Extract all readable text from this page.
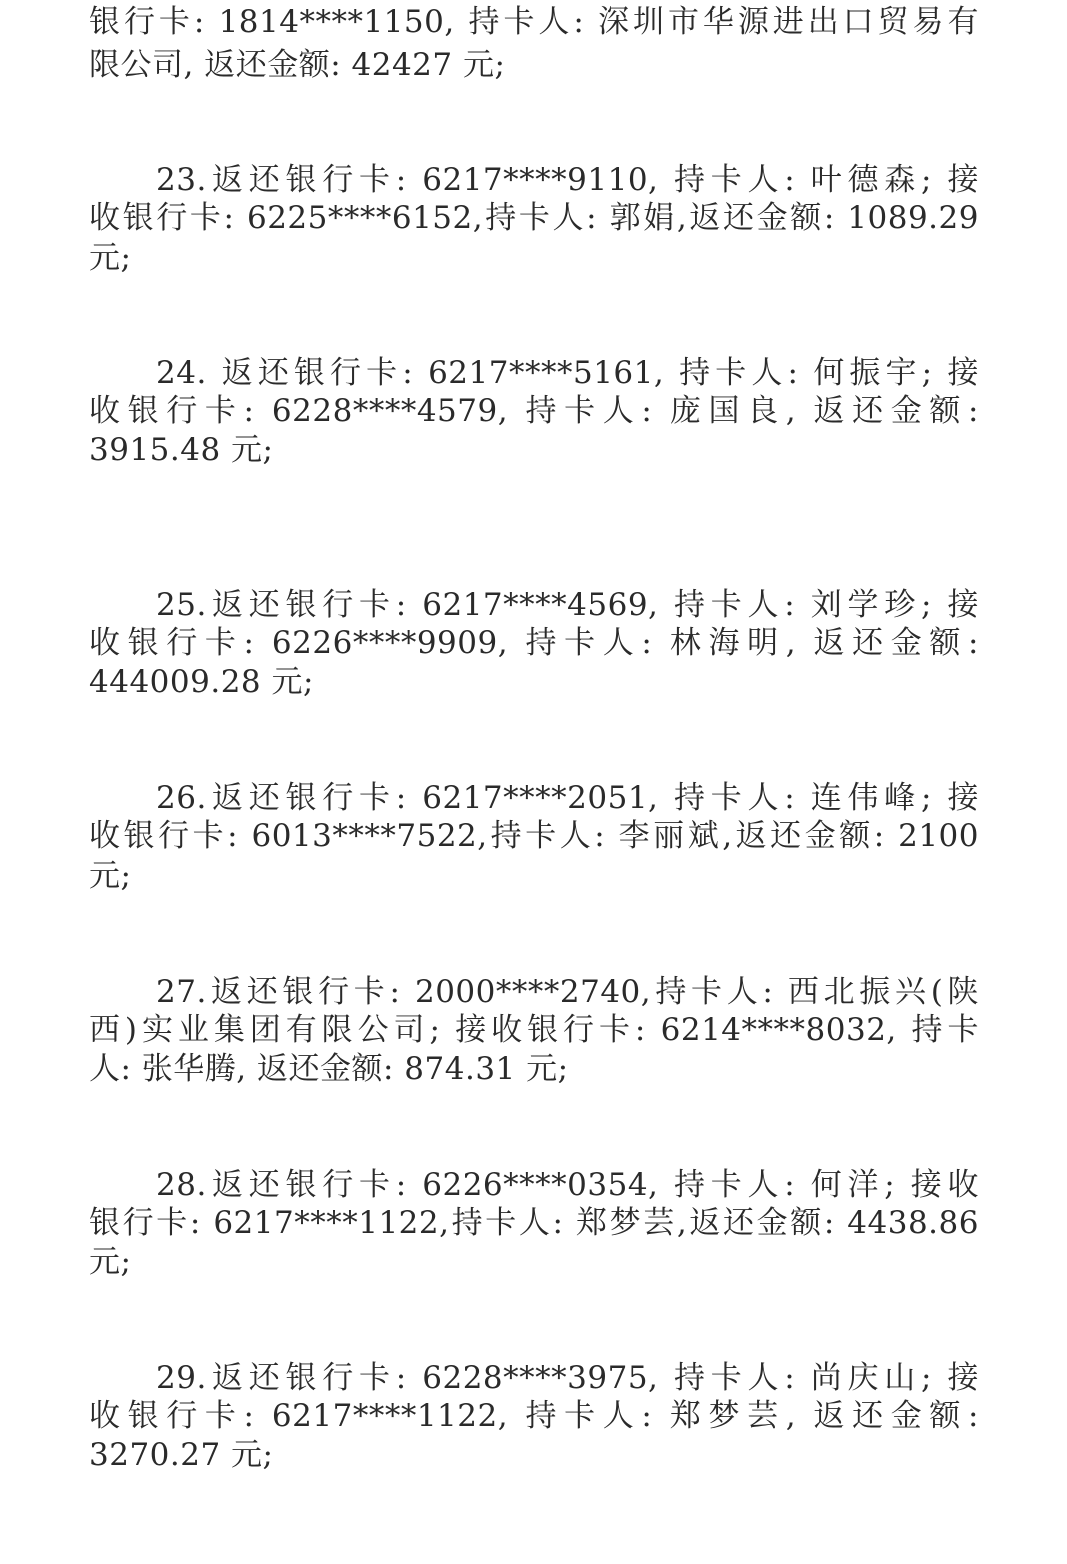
银行卡: 1814****1150, 持卡人: 深圳市华源进出口贸易有
限公司, 返还金额: 42427 元;
23.返还银行卡: 6217****9110, 持卡人: 叶德森; 接
收银行卡: 6225****6152,持卡人: 郭娟,返还金额: 1089.29
元;
24. 返还银行卡: 6217****5161, 持卡人: 何振宇; 接
收银行卡: 6228****4579, 持卡人: 庞国良, 返还金额:
3915.48 元;
25.返还银行卡: 6217****4569, 持卡人: 刘学珍; 接
收银行卡: 6226****9909, 持卡人: 林海明, 返还金额:
444009.28 元;
26.返还银行卡: 6217****2051, 持卡人: 连伟峰; 接
收银行卡: 6013****7522,持卡人: 李丽斌,返还金额: 2100
元;
27.返还银行卡: 2000****2740,持卡人: 西北振兴(陕
西)实业集团有限公司; 接收银行卡: 6214****8032, 持卡
人: 张华腾, 返还金额: 874.31 元;
28.返还银行卡: 6226****0354, 持卡人: 何洋; 接收
银行卡: 6217****1122,持卡人: 郑梦芸,返还金额: 4438.86
元;
29.返还银行卡: 6228****3975, 持卡人: 尚庆山; 接
收银行卡: 6217****1122, 持卡人: 郑梦芸, 返还金额:
3270.27 元;
